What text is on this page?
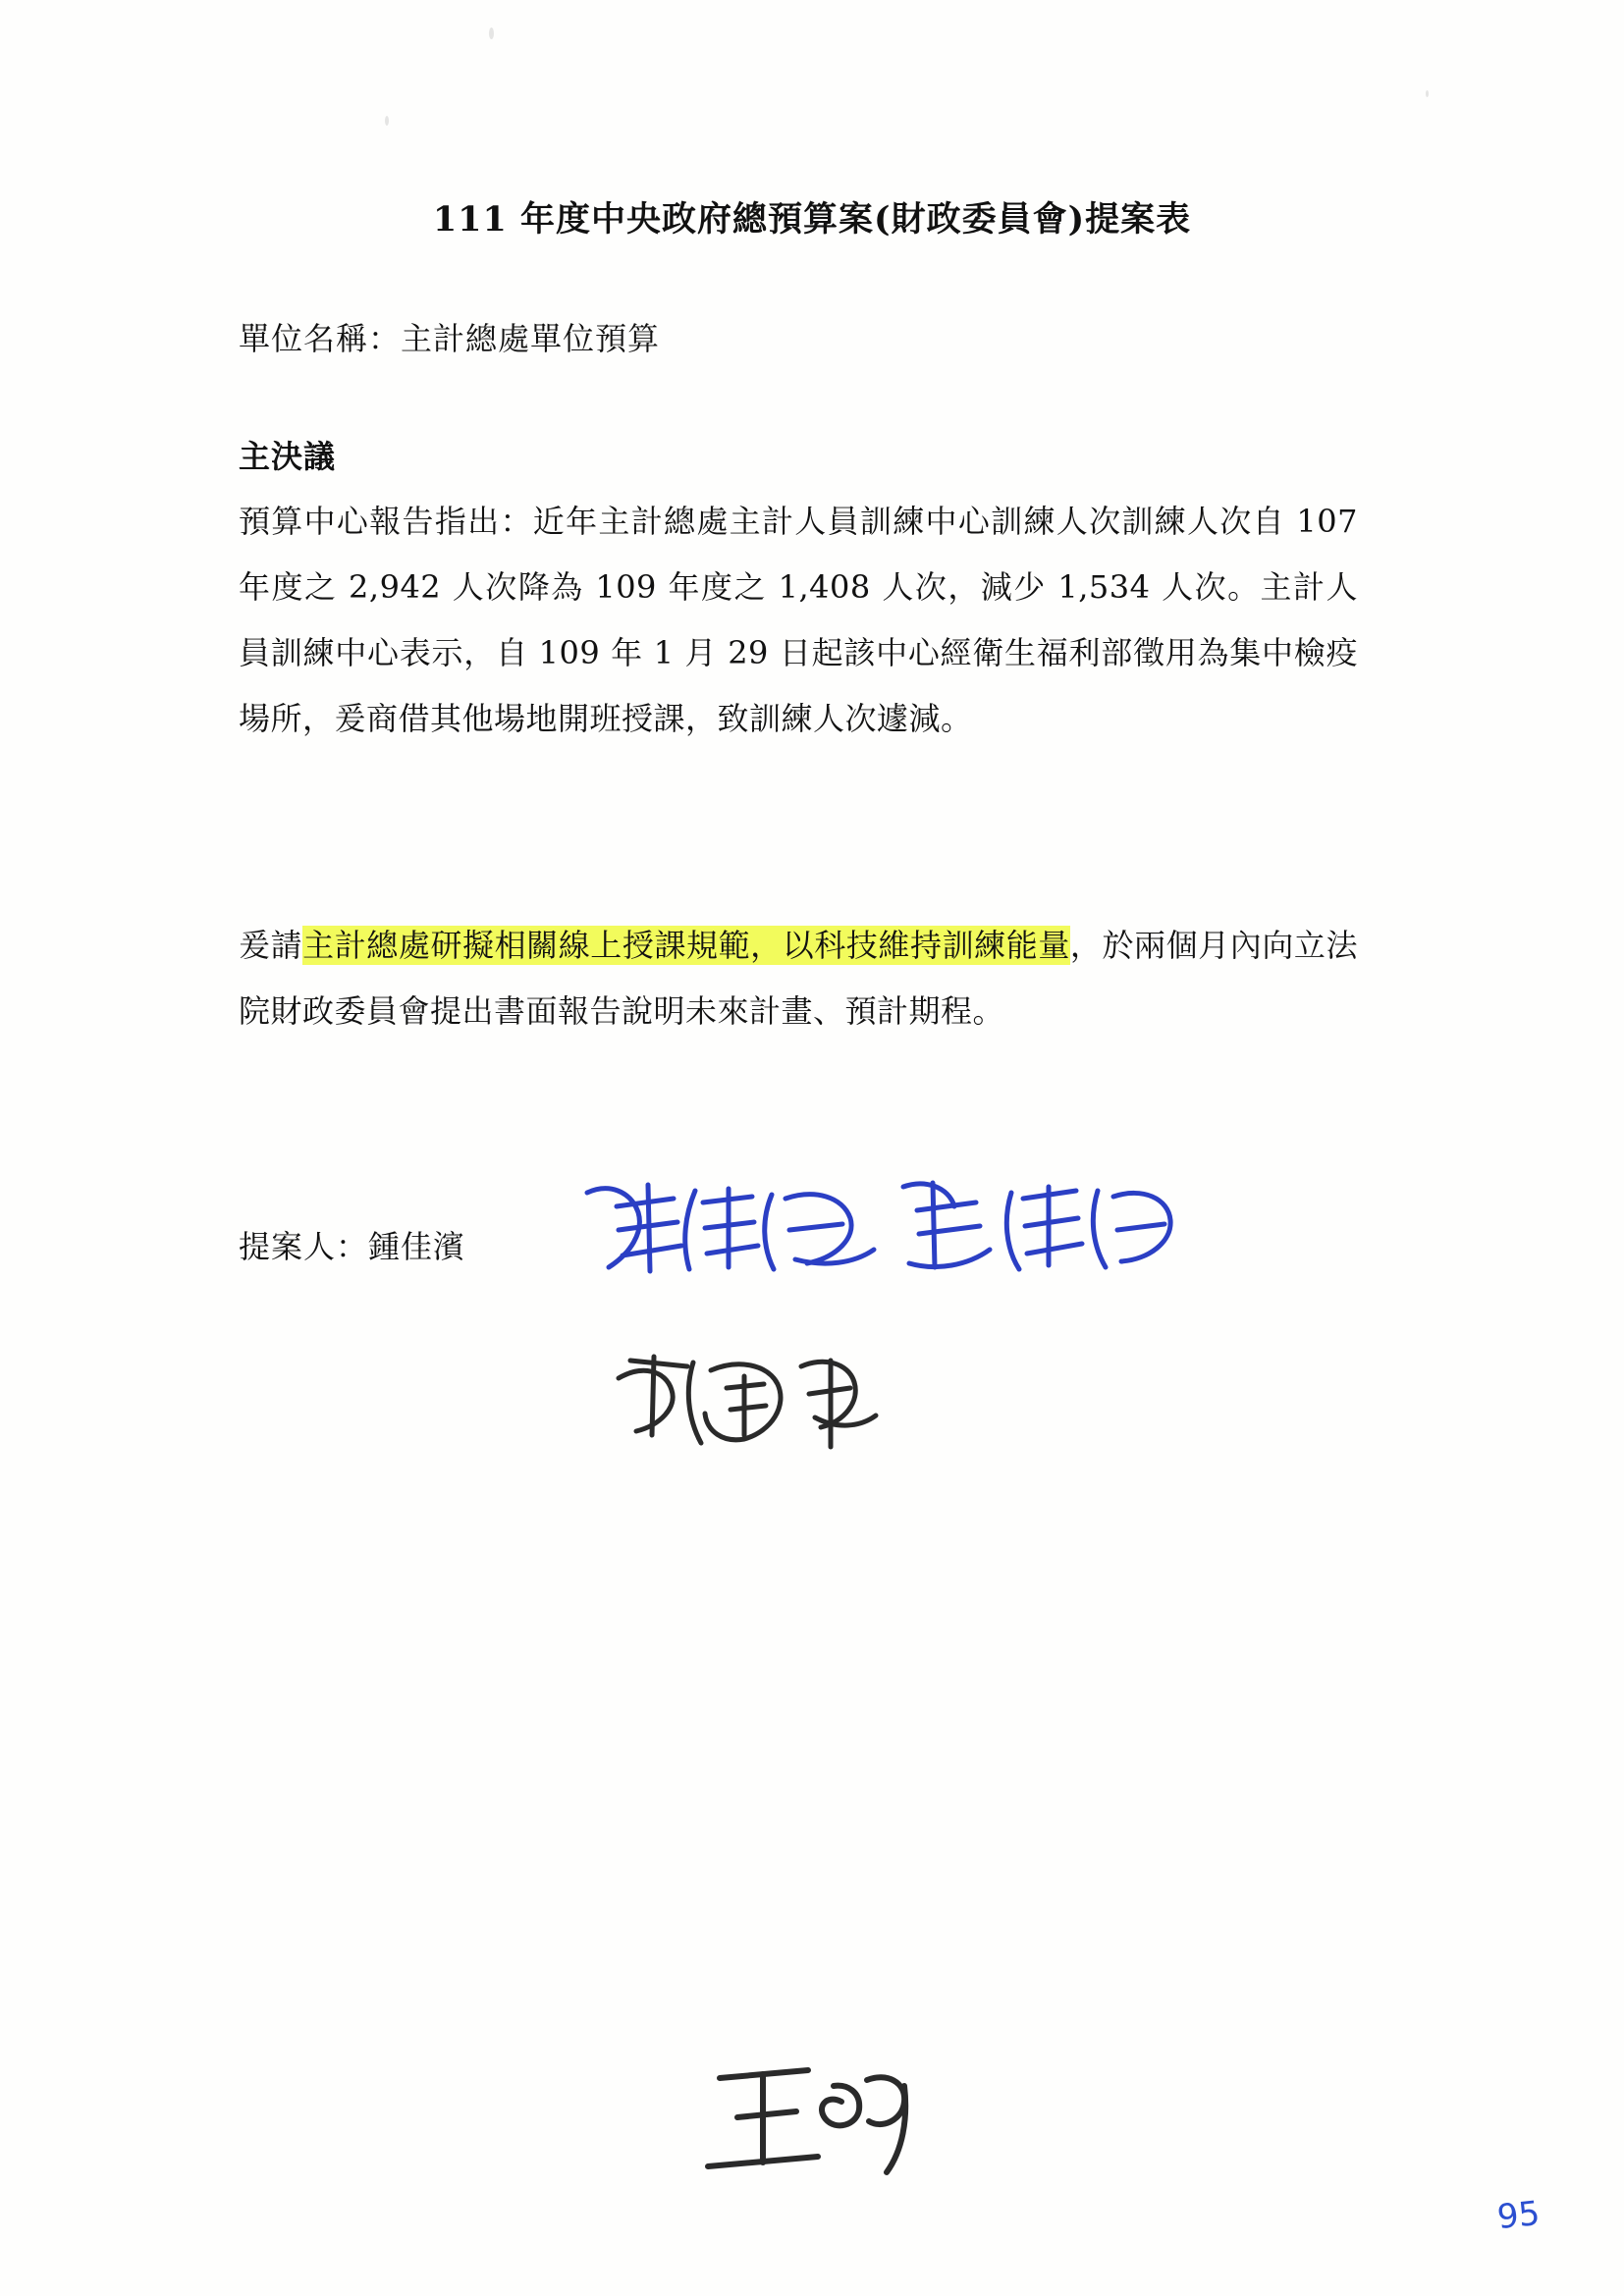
111 年度中央政府總預算案(財政委員會)提案表
單位名稱：主計總處單位預算
主決議
預算中心報告指出：近年主計總處主計人員訓練中心訓練人次訓練人次自 107 年度之 2,942 人次降為 109 年度之 1,408 人次，減少 1,534 人次。主計人員訓練中心表示，自 109 年 1 月 29 日起該中心經衛生福利部徵用為集中檢疫場所，爰商借其他場地開班授課，致訓練人次遽減。
爰請主計總處研擬相關線上授課規範，以科技維持訓練能量，於兩個月內向立法院財政委員會提出書面報告說明未來計畫、預計期程。
提案人：鍾佳濱
95
